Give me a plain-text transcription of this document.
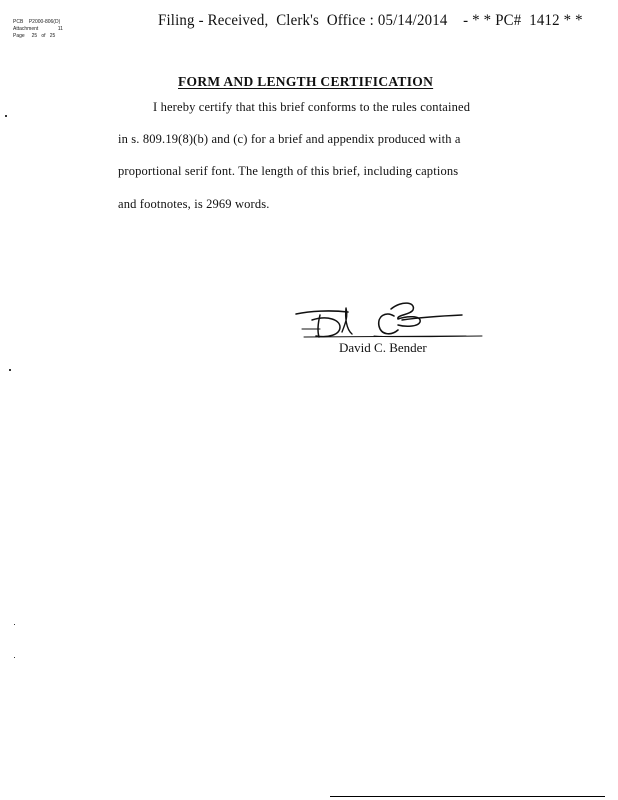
PCB    P2000-806(D)
Attachment              11
Page     25   of   25
Filing - Received,  Clerk's  Office : 05/14/2014    - * * PC#  1412 * *
FORM AND LENGTH CERTIFICATION
I hereby certify that this brief conforms to the rules contained
in s. 809.19(8)(b) and (c) for a brief and appendix produced with a
proportional serif font. The length of this brief, including captions
and footnotes, is 2969 words.
David C. Bender
